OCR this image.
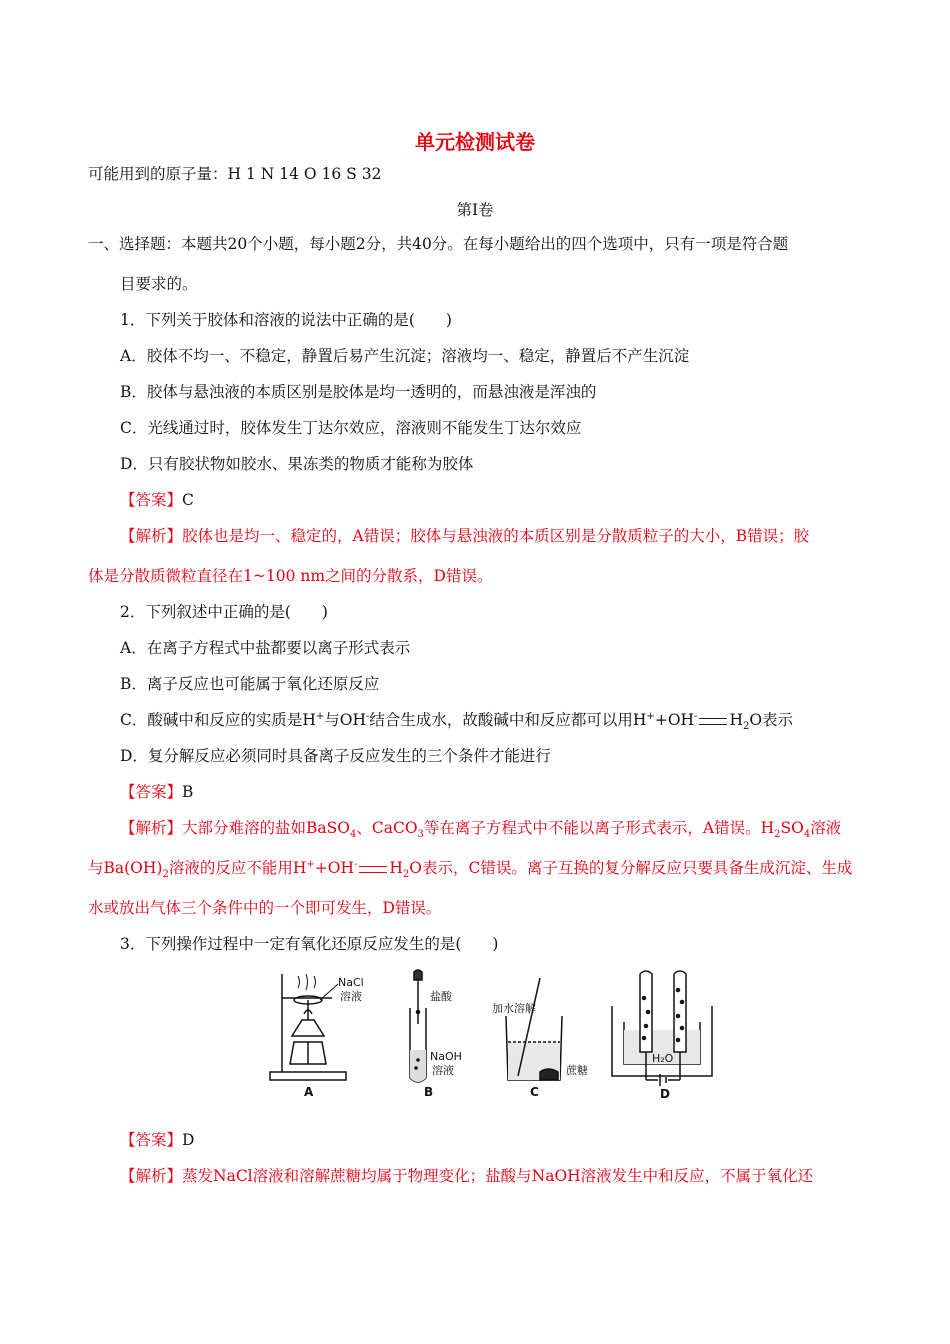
单元检测试卷
可能用到的原子量：H 1 N 14 O 16 S 32
第Ⅰ卷
一、选择题：本题共20个小题，每小题2分，共40分。在每小题给出的四个选项中，只有一项是符合题
目要求的。
1．下列关于胶体和溶液的说法中正确的是(　　)
A．胶体不均一、不稳定，静置后易产生沉淀；溶液均一、稳定，静置后不产生沉淀
B．胶体与悬浊液的本质区别是胶体是均一透明的，而悬浊液是浑浊的
C．光线通过时，胶体发生丁达尔效应，溶液则不能发生丁达尔效应
D．只有胶状物如胶水、果冻类的物质才能称为胶体
【答案】C
【解析】胶体也是均一、稳定的，A错误；胶体与悬浊液的本质区别是分散质粒子的大小，B错误；胶
体是分散质微粒直径在1~100 nm之间的分散系，D错误。
2．下列叙述中正确的是(　　)
A．在离子方程式中盐都要以离子形式表示
B．离子反应也可能属于氧化还原反应
C．酸碱中和反应的实质是H+与OH-结合生成水，故酸碱中和反应都可以用H++OH- $H_2O$表示
D．复分解反应必须同时具备离子反应发生的三个条件才能进行
【答案】B
【解析】大部分难溶的盐如BaSO$_4$、CaCO$_3$等在离子方程式中不能以离子形式表示，A错误。$H_2SO_4$溶液
与$Ba(OH)_2$溶液的反应不能用H++OH- $H_2O$表示，C错误。离子互换的复分解反应只要具备生成沉淀、生成
水或放出气体三个条件中的一个即可发生，D错误。
3．下列操作过程中一定有氧化还原反应发生的是(　　)
NaCl
溶液
A
盐酸
NaOH
溶液
B
加水溶解
蔗糖
C
H₂O
D
【答案】D
【解析】蒸发NaCl溶液和溶解蔗糖均属于物理变化；盐酸与NaOH溶液发生中和反应，不属于氧化还
